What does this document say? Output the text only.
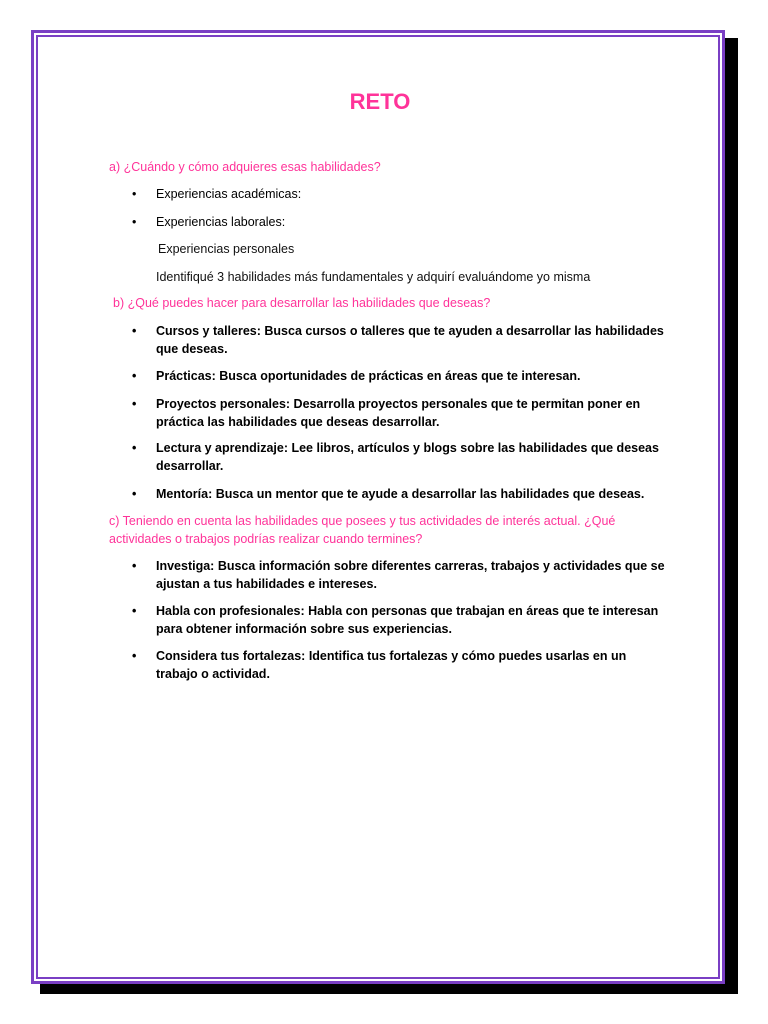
RETO
a) ¿Cuándo y cómo adquieres esas habilidades?
•	Experiencias académicas:
•	Experiencias laborales:
Experiencias personales
Identifiqué 3 habilidades más fundamentales y adquirí evaluándome yo misma
b) ¿Qué puedes hacer para desarrollar las habilidades que deseas?
•	Cursos y talleres: Busca cursos o talleres que te ayuden a desarrollar las habilidades
que deseas.
•	Prácticas: Busca oportunidades de prácticas en áreas que te interesan.
•	Proyectos personales: Desarrolla proyectos personales que te permitan poner en
práctica las habilidades que deseas desarrollar.
•	Lectura y aprendizaje: Lee libros, artículos y blogs sobre las habilidades que deseas
desarrollar.
•	Mentoría: Busca un mentor que te ayude a desarrollar las habilidades que deseas.
c) Teniendo en cuenta las habilidades que posees y tus actividades de interés actual. ¿Qué
actividades o trabajos podrías realizar cuando termines?
•	Investiga: Busca información sobre diferentes carreras, trabajos y actividades que se
ajustan a tus habilidades e intereses.
•	Habla con profesionales: Habla con personas que trabajan en áreas que te interesan
para obtener información sobre sus experiencias.
•	Considera tus fortalezas: Identifica tus fortalezas y cómo puedes usarlas en un
trabajo o actividad.
